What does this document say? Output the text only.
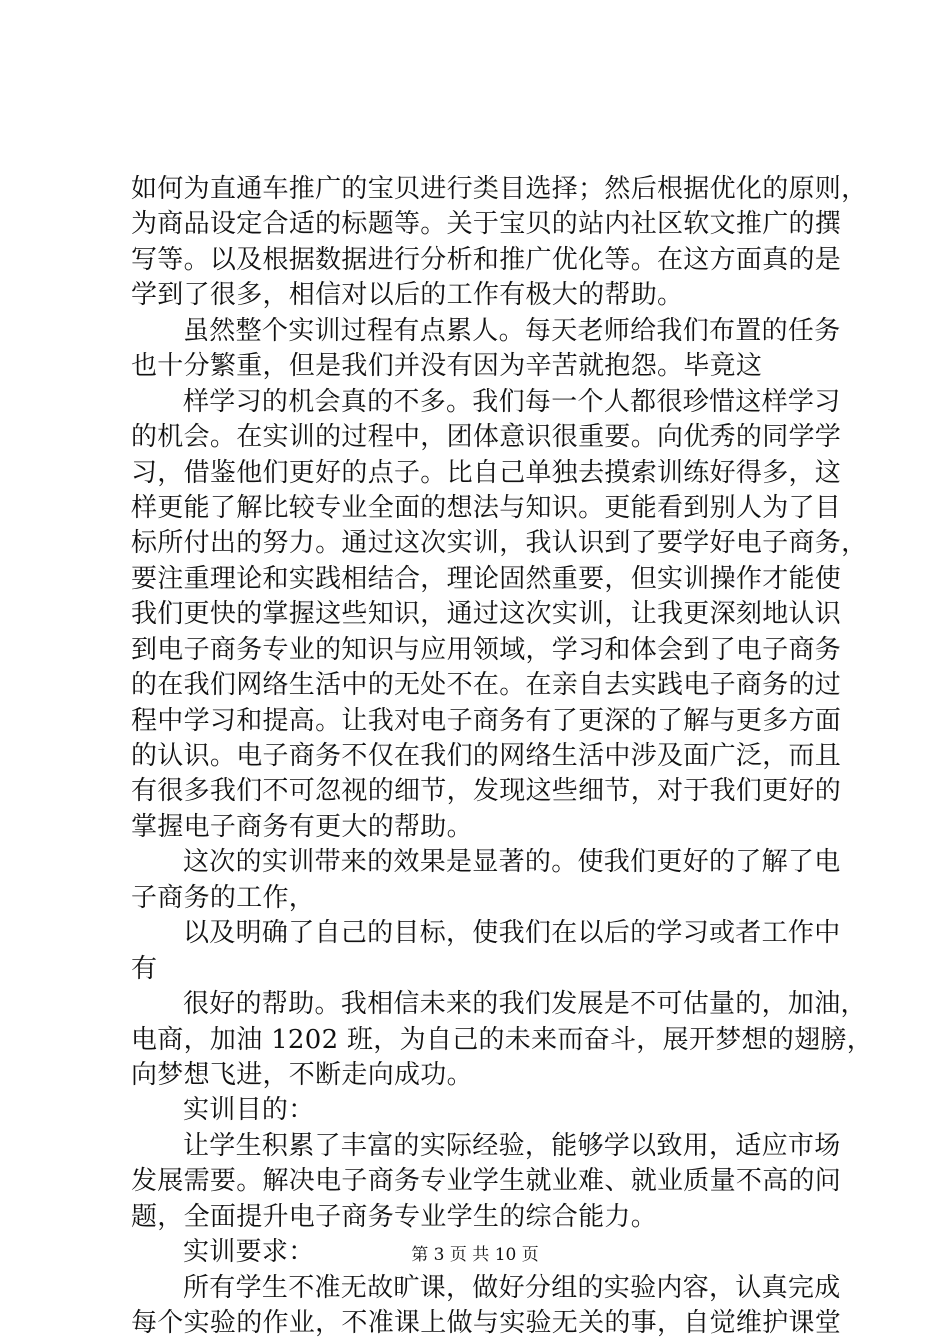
如何为直通车推广的宝贝进行类目选择；然后根据优化的原则，
为商品设定合适的标题等。关于宝贝的站内社区软文推广的撰
写等。以及根据数据进行分析和推广优化等。在这方面真的是
学到了很多，相信对以后的工作有极大的帮助。
虽然整个实训过程有点累人。每天老师给我们布置的任务
也十分繁重，但是我们并没有因为辛苦就抱怨。毕竟这
样学习的机会真的不多。我们每一个人都很珍惜这样学习
的机会。在实训的过程中，团体意识很重要。向优秀的同学学
习，借鉴他们更好的点子。比自己单独去摸索训练好得多，这
样更能了解比较专业全面的想法与知识。更能看到别人为了目
标所付出的努力。通过这次实训，我认识到了要学好电子商务，
要注重理论和实践相结合，理论固然重要，但实训操作才能使
我们更快的掌握这些知识，通过这次实训，让我更深刻地认识
到电子商务专业的知识与应用领域，学习和体会到了电子商务
的在我们网络生活中的无处不在。在亲自去实践电子商务的过
程中学习和提高。让我对电子商务有了更深的了解与更多方面
的认识。电子商务不仅在我们的网络生活中涉及面广泛，而且
有很多我们不可忽视的细节，发现这些细节，对于我们更好的
掌握电子商务有更大的帮助。
这次的实训带来的效果是显著的。使我们更好的了解了电
子商务的工作，
以及明确了自己的目标，使我们在以后的学习或者工作中
有
很好的帮助。我相信未来的我们发展是不可估量的，加油，
电商，加油 1202 班，为自己的未来而奋斗，展开梦想的翅膀，
向梦想飞进，不断走向成功。
实训目的：
让学生积累了丰富的实际经验，能够学以致用，适应市场
发展需要。解决电子商务专业学生就业难、就业质量不高的问
题，全面提升电子商务专业学生的综合能力。
实训要求：
所有学生不准无故旷课，做好分组的实验内容，认真完成
每个实验的作业，不准课上做与实验无关的事，自觉维护课堂
第 3 页 共 10 页
